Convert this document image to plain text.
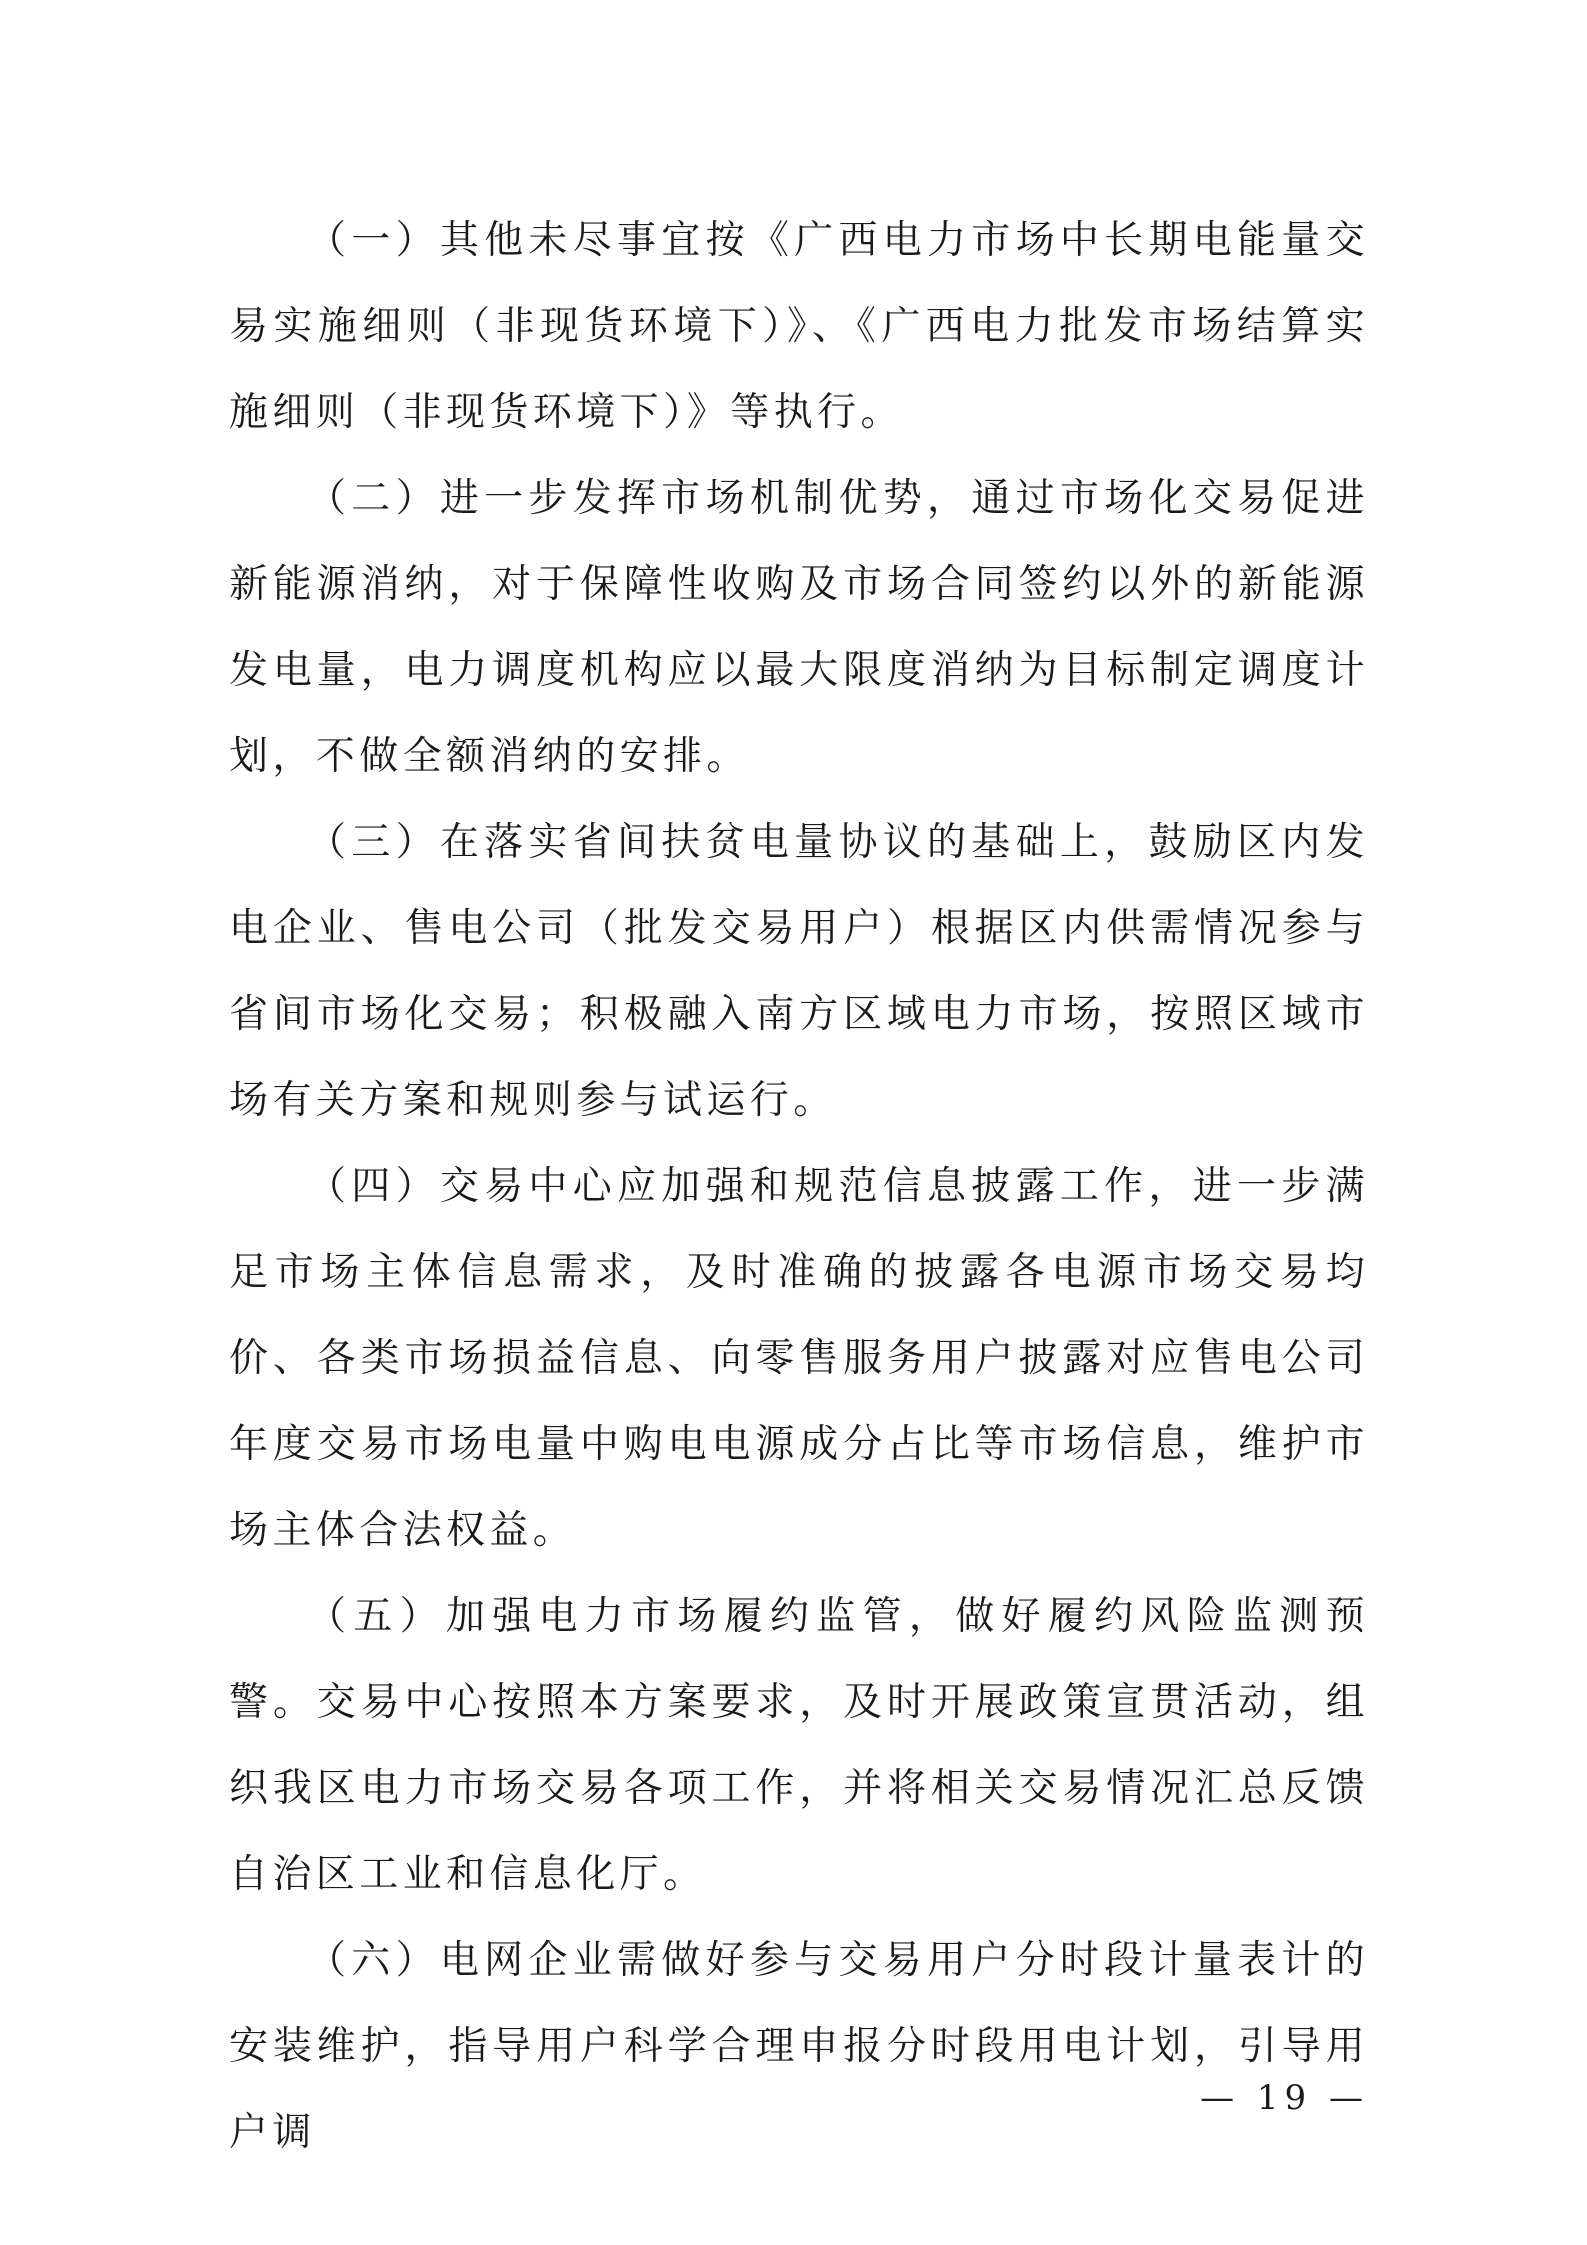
（一）其他未尽事宜按《广西电力市场中长期电能量交易实施细则（非现货环境下）》、《广西电力批发市场结算实施细则（非现货环境下）》等执行。

（二）进一步发挥市场机制优势，通过市场化交易促进新能源消纳，对于保障性收购及市场合同签约以外的新能源发电量，电力调度机构应以最大限度消纳为目标制定调度计划，不做全额消纳的安排。

（三）在落实省间扶贫电量协议的基础上，鼓励区内发电企业、售电公司（批发交易用户）根据区内供需情况参与省间市场化交易；积极融入南方区域电力市场，按照区域市场有关方案和规则参与试运行。

（四）交易中心应加强和规范信息披露工作，进一步满足市场主体信息需求，及时准确的披露各电源市场交易均价、各类市场损益信息、向零售服务用户披露对应售电公司年度交易市场电量中购电电源成分占比等市场信息，维护市场主体合法权益。

（五）加强电力市场履约监管，做好履约风险监测预警。交易中心按照本方案要求，及时开展政策宣贯活动，组织我区电力市场交易各项工作，并将相关交易情况汇总反馈自治区工业和信息化厅。

（六）电网企业需做好参与交易用户分时段计量表计的安装维护，指导用户科学合理申报分时段用电计划，引导用户调

— 19 —
